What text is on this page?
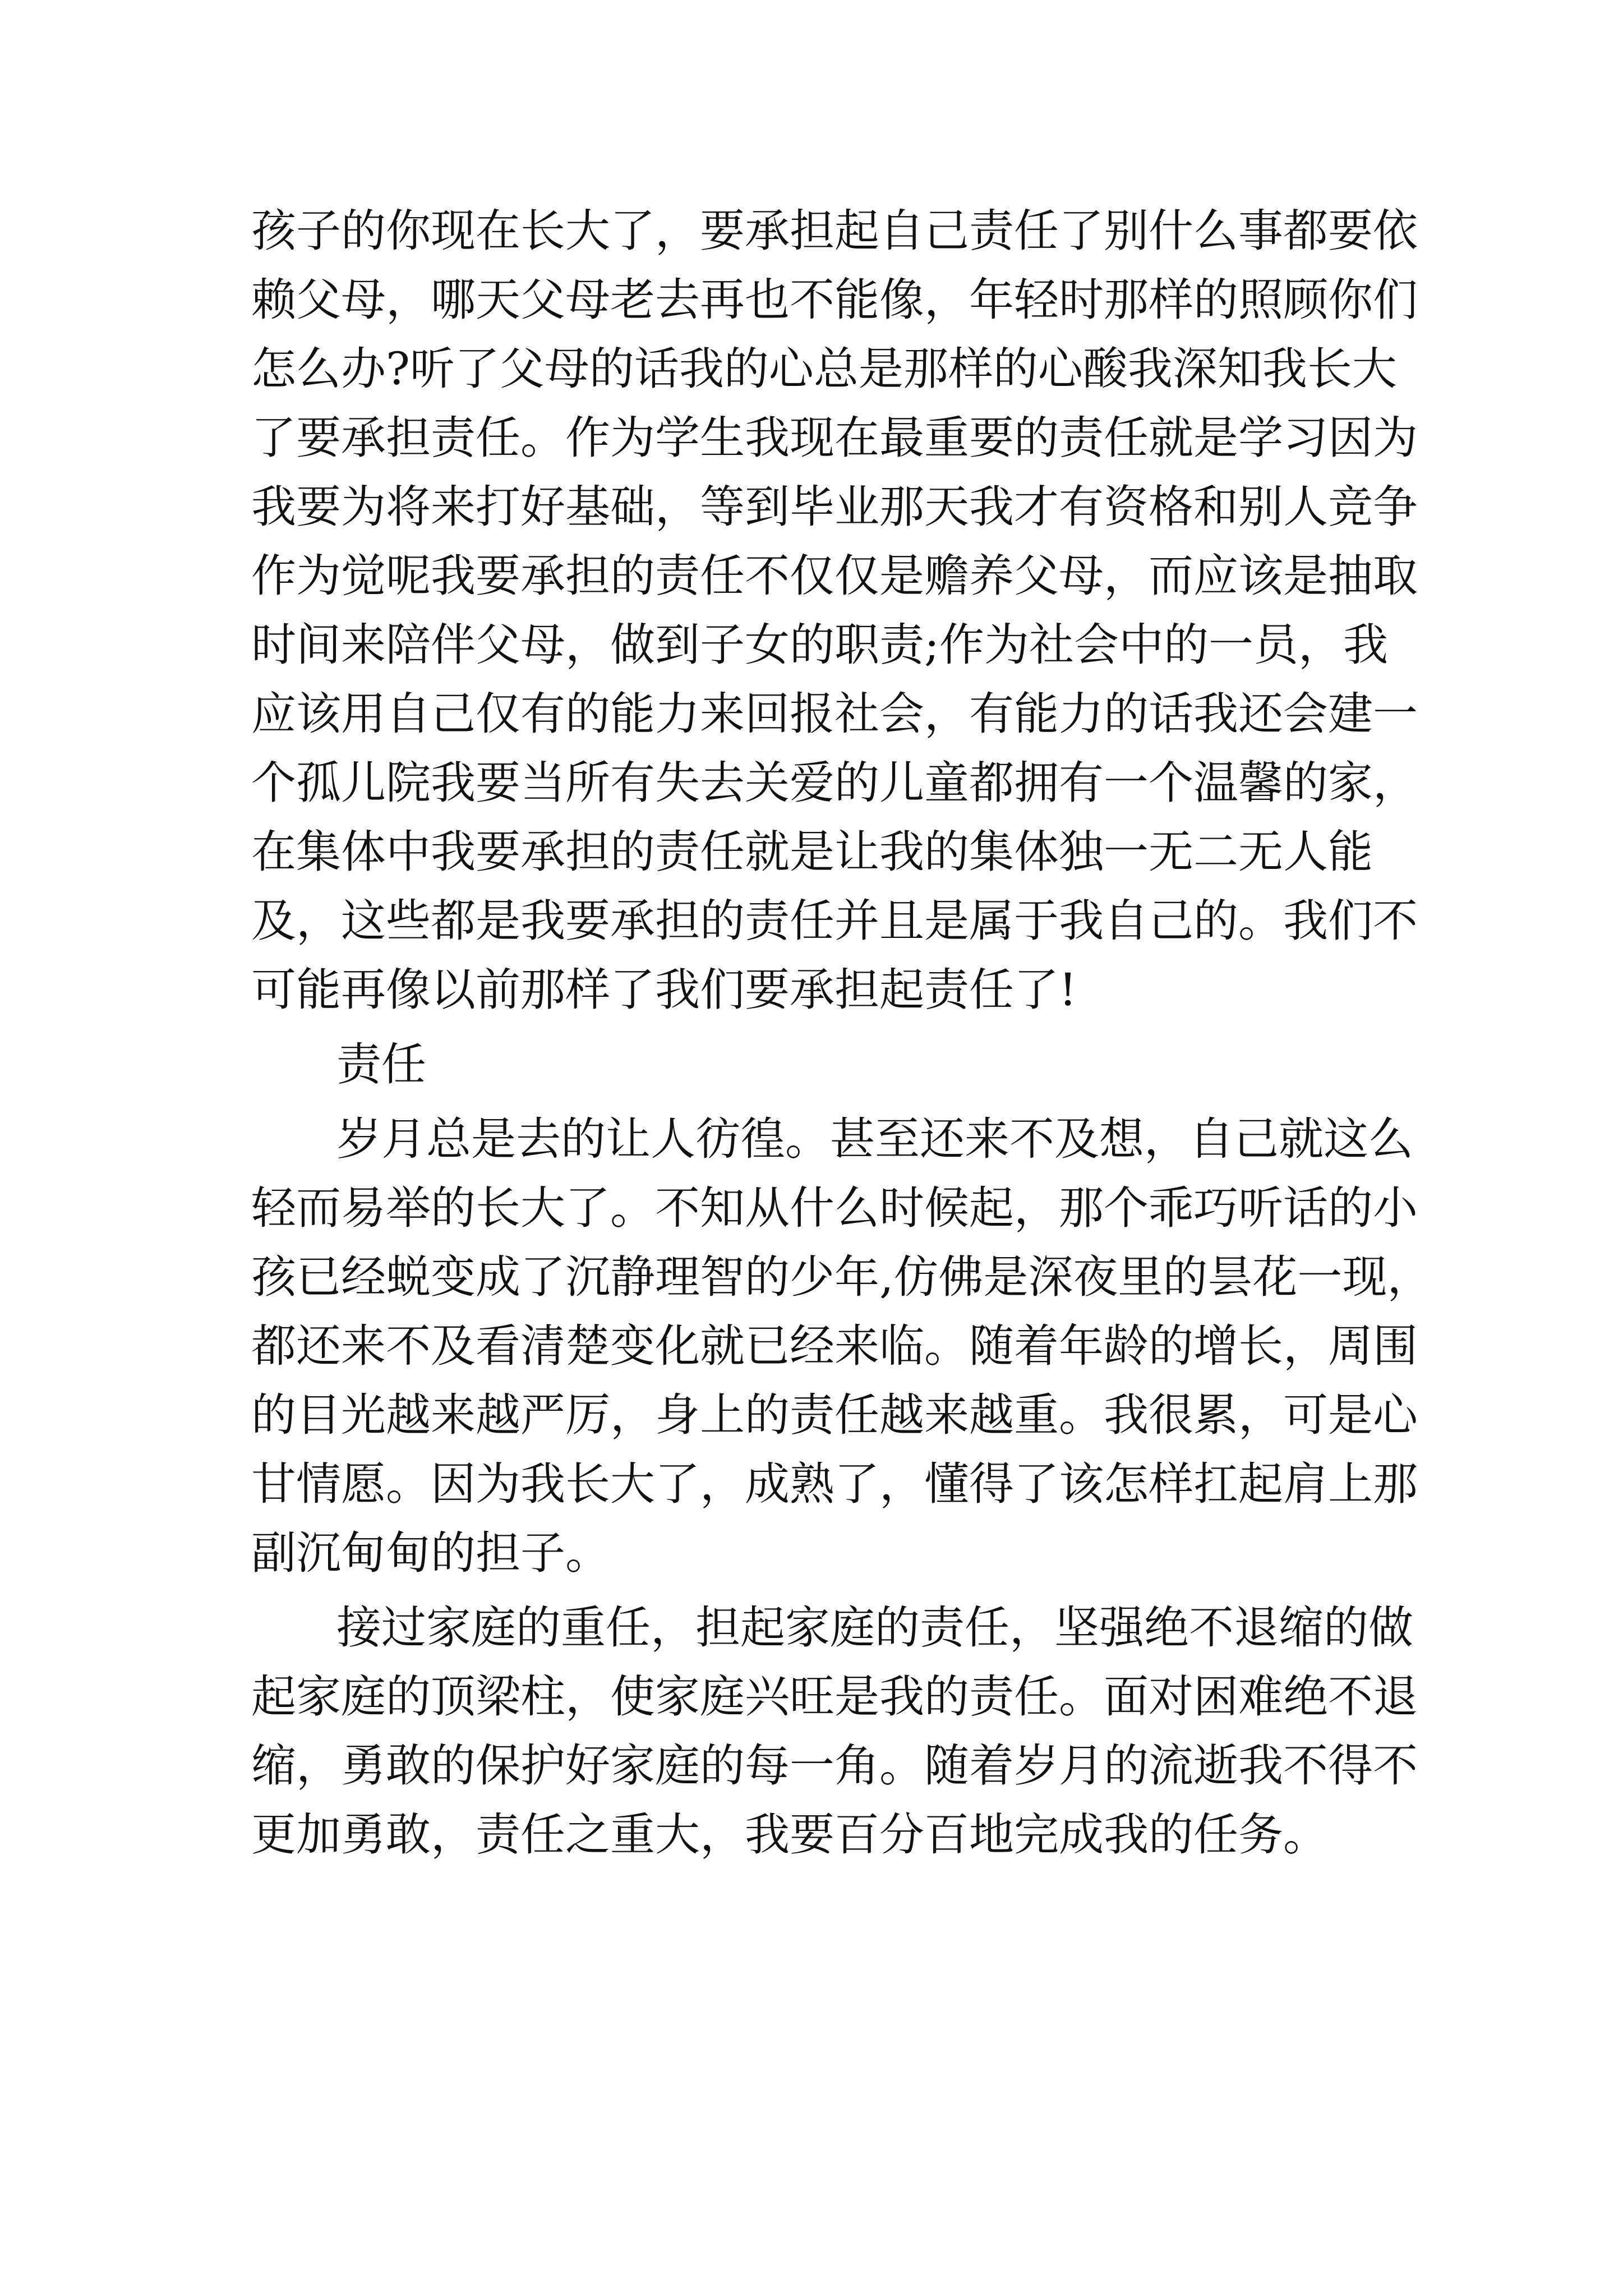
孩子的你现在长大了，要承担起自己责任了别什么事都要依
赖父母，哪天父母老去再也不能像，年轻时那样的照顾你们
怎么办?听了父母的话我的心总是那样的心酸我深知我长大
了要承担责任。作为学生我现在最重要的责任就是学习因为
我要为将来打好基础，等到毕业那天我才有资格和别人竞争
作为觉呢我要承担的责任不仅仅是赡养父母，而应该是抽取
时间来陪伴父母，做到子女的职责;作为社会中的一员，我
应该用自己仅有的能力来回报社会，有能力的话我还会建一
个孤儿院我要当所有失去关爱的儿童都拥有一个温馨的家，
在集体中我要承担的责任就是让我的集体独一无二无人能
及，这些都是我要承担的责任并且是属于我自己的。我们不
可能再像以前那样了我们要承担起责任了!
责任
岁月总是去的让人彷徨。甚至还来不及想，自己就这么
轻而易举的长大了。不知从什么时候起，那个乖巧听话的小
孩已经蜕变成了沉静理智的少年,仿佛是深夜里的昙花一现，
都还来不及看清楚变化就已经来临。随着年龄的增长，周围
的目光越来越严厉，身上的责任越来越重。我很累，可是心
甘情愿。因为我长大了，成熟了，懂得了该怎样扛起肩上那
副沉甸甸的担子。
接过家庭的重任，担起家庭的责任，坚强绝不退缩的做
起家庭的顶梁柱，使家庭兴旺是我的责任。面对困难绝不退
缩，勇敢的保护好家庭的每一角。随着岁月的流逝我不得不
更加勇敢，责任之重大，我要百分百地完成我的任务。
